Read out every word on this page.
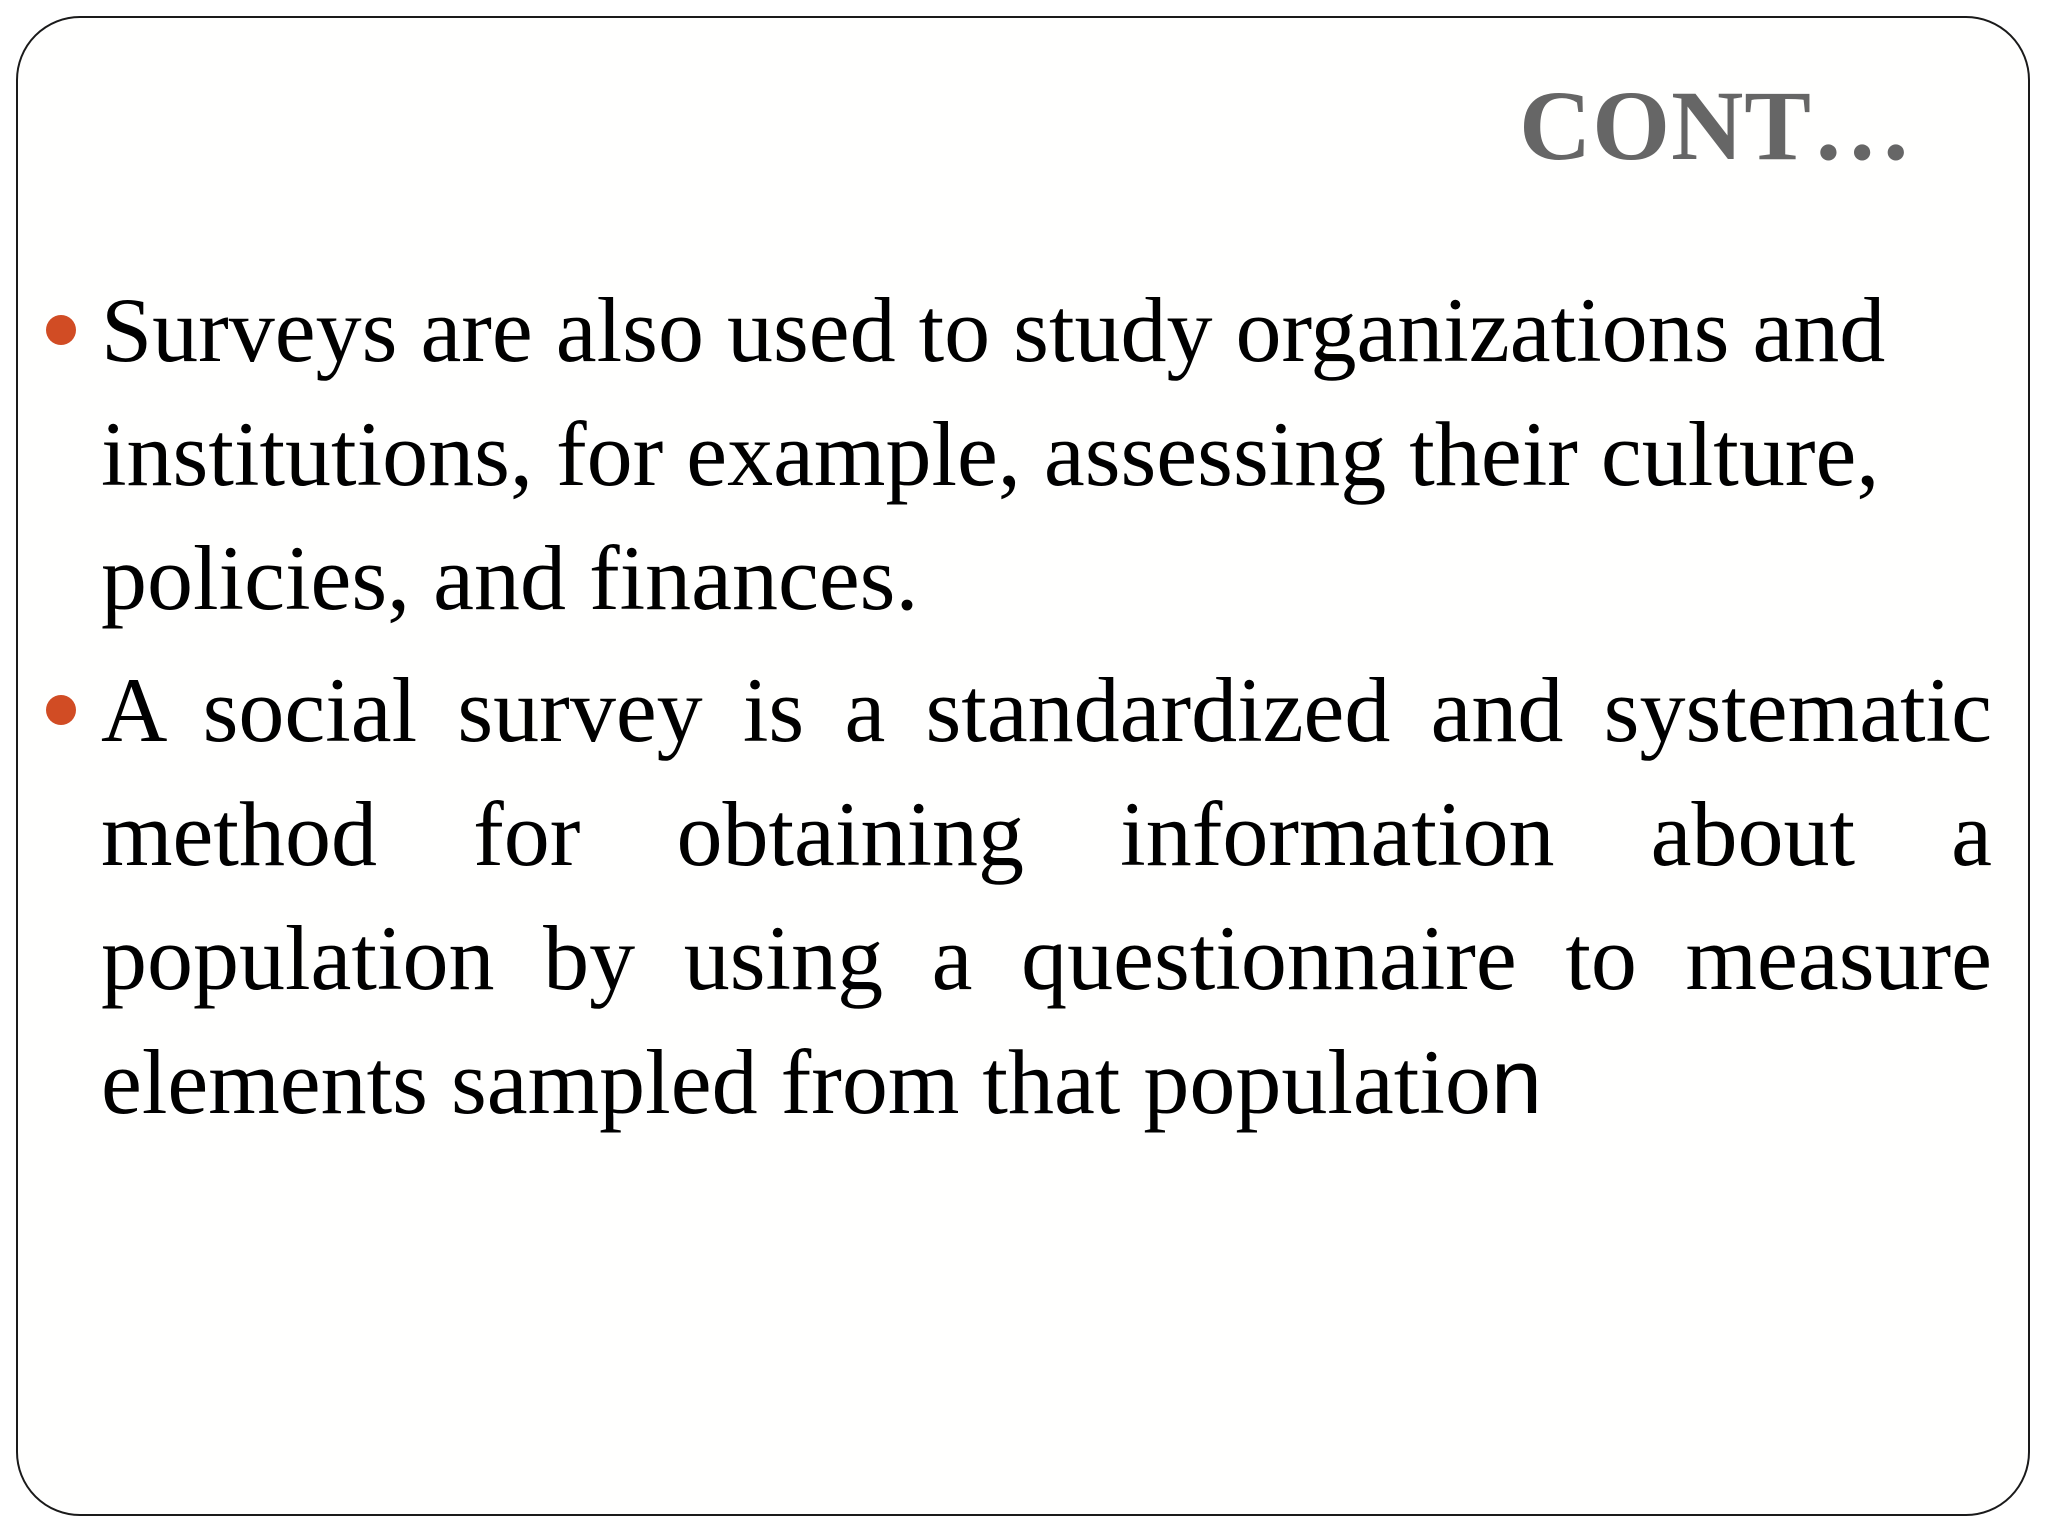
CONT…
Surveys are also used to study organizations and institutions, for example, assessing their culture, policies, and finances.
A social survey is a standardized and systematic method for obtaining information about a population by using a questionnaire to measure elements sampled from that population
